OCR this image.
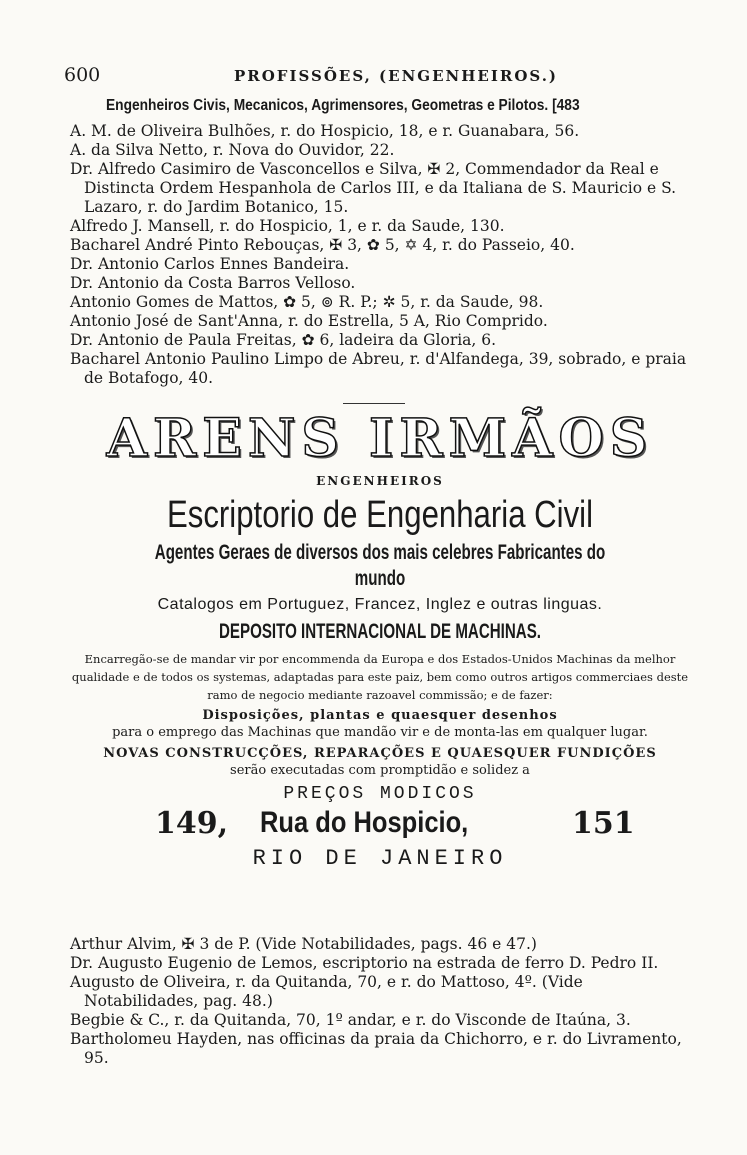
600	PROFISSÕES, (ENGENHEIROS.)
Engenheiros Civis, Mecanicos, Agrimensores, Geometras e Pilotos. [483

A. M. de Oliveira Bulhões, r. do Hospicio, 18, e r. Guanabara, 56.

A. da Silva Netto, r. Nova do Ouvidor, 22.

Dr. Alfredo Casimiro de Vasconcellos e Silva, ✠ 2, Commendador da Real e Distincta Ordem Hespanhola de Carlos III, e da Italiana de S. Mauricio e S. Lazaro, r. do Jardim Botanico, 15.

Alfredo J. Mansell, r. do Hospicio, 1, e r. da Saude, 130.

Bacharel André Pinto Rebouças, ✠ 3, ✿ 5, ✡ 4, r. do Passeio, 40.

Dr. Antonio Carlos Ennes Bandeira.

Dr. Antonio da Costa Barros Velloso.

Antonio Gomes de Mattos, ✿ 5, ⊚ R. P.; ✲ 5, r. da Saude, 98.

Antonio José de Sant'Anna, r. do Estrella, 5 A, Rio Comprido.

Dr. Antonio de Paula Freitas, ✿ 6, ladeira da Gloria, 6.

Bacharel Antonio Paulino Limpo de Abreu, r. d'Alfandega, 39, sobrado, e praia de Botafogo, 40.

ARENS IRMÃOS
ENGENHEIROS
Escriptorio de Engenharia Civil
Agentes Geraes de diversos dos mais celebres Fabricantes do mundo
Catalogos em Portuguez, Francez, Inglez e outras linguas.
DEPOSITO INTERNACIONAL DE MACHINAS.
Encarregão-se de mandar vir por encommenda da Europa e dos Estados-Unidos Machinas da melhor qualidade e de todos os systemas, adaptadas para este paiz, bem como outros artigos commerciaes deste ramo de negocio mediante razoavel commissão; e de fazer:
Disposições, plantas e quaesquer desenhos
para o emprego das Machinas que mandão vir e de monta-las em qualquer lugar.
NOVAS CONSTRUCÇÕES, REPARAÇÕES E QUAESQUER FUNDIÇÕES
serão executadas com promptidão e solidez a
PREÇOS MODICOS
149, Rua do Hospicio,	151
RIO DE JANEIRO

Arthur Alvim, ✠ 3 de P. (Vide Notabilidades, pags. 46 e 47.)

Dr. Augusto Eugenio de Lemos, escriptorio na estrada de ferro D. Pedro II.

Augusto de Oliveira, r. da Quitanda, 70, e r. do Mattoso, 4º. (Vide Notabilidades, pag. 48.)

Begbie & C., r. da Quitanda, 70, 1º andar, e r. do Visconde de Itaúna, 3.

Bartholomeu Hayden, nas officinas da praia da Chichorro, e r. do Livramento, 95.
